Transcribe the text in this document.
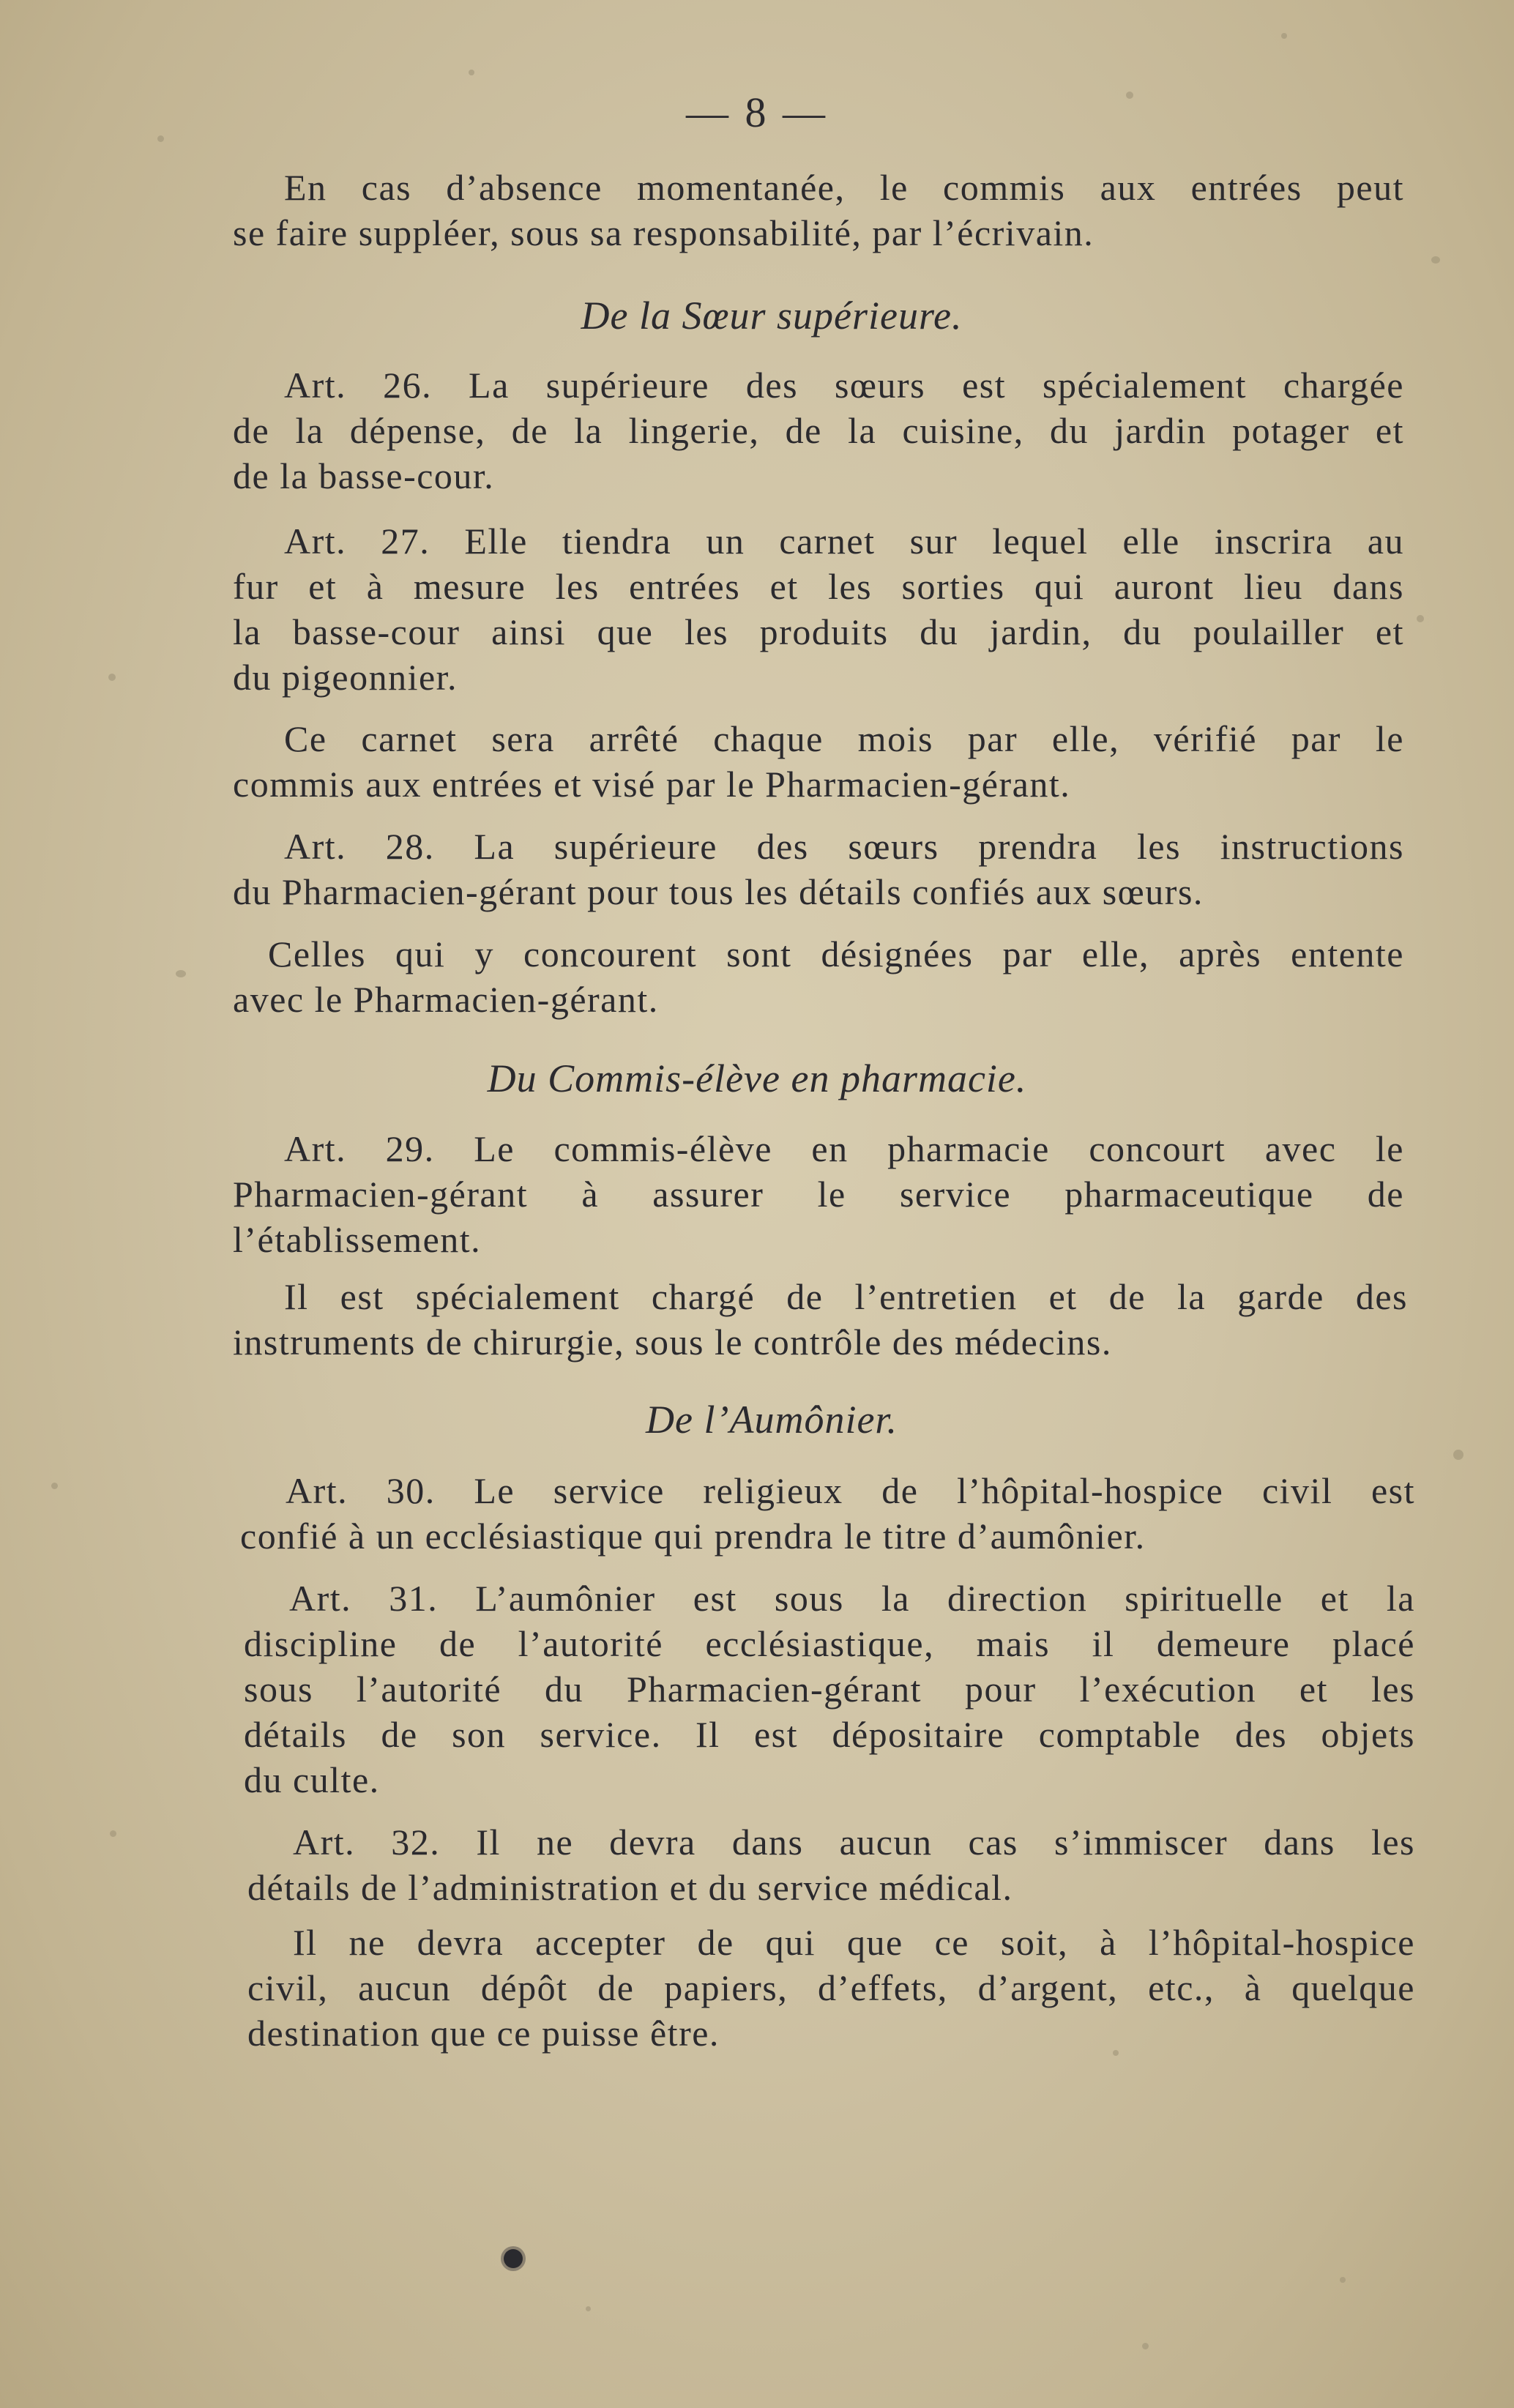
— 8 —

En cas d’absence momentanée, le commis aux entrées peut
se faire suppléer, sous sa responsabilité, par l’écrivain.

De la Sœur supérieure.

Art. 26. La supérieure des sœurs est spécialement chargée
de la dépense, de la lingerie, de la cuisine, du jardin potager et
de la basse-cour.

Art. 27. Elle tiendra un carnet sur lequel elle inscrira au
fur et à mesure les entrées et les sorties qui auront lieu dans
la basse-cour ainsi que les produits du jardin, du poulailler et
du pigeonnier.

Ce carnet sera arrêté chaque mois par elle, vérifié par le
commis aux entrées et visé par le Pharmacien-gérant.

Art. 28. La supérieure des sœurs prendra les instructions
du Pharmacien-gérant pour tous les détails confiés aux sœurs.

Celles qui y concourent sont désignées par elle, après entente
avec le Pharmacien-gérant.

Du Commis-élève en pharmacie.

Art. 29. Le commis-élève en pharmacie concourt avec le
Pharmacien-gérant à assurer le service pharmaceutique de
l’établissement.

Il est spécialement chargé de l’entretien et de la garde des
instruments de chirurgie, sous le contrôle des médecins.

De l’Aumônier.

Art. 30. Le service religieux de l’hôpital-hospice civil est
confié à un ecclésiastique qui prendra le titre d’aumônier.

Art. 31. L’aumônier est sous la direction spirituelle et la
discipline de l’autorité ecclésiastique, mais il demeure placé
sous l’autorité du Pharmacien-gérant pour l’exécution et les
détails de son service. Il est dépositaire comptable des objets
du culte.

Art. 32. Il ne devra dans aucun cas s’immiscer dans les
détails de l’administration et du service médical.

Il ne devra accepter de qui que ce soit, à l’hôpital-hospice
civil, aucun dépôt de papiers, d’effets, d’argent, etc., à quelque
destination que ce puisse être.
